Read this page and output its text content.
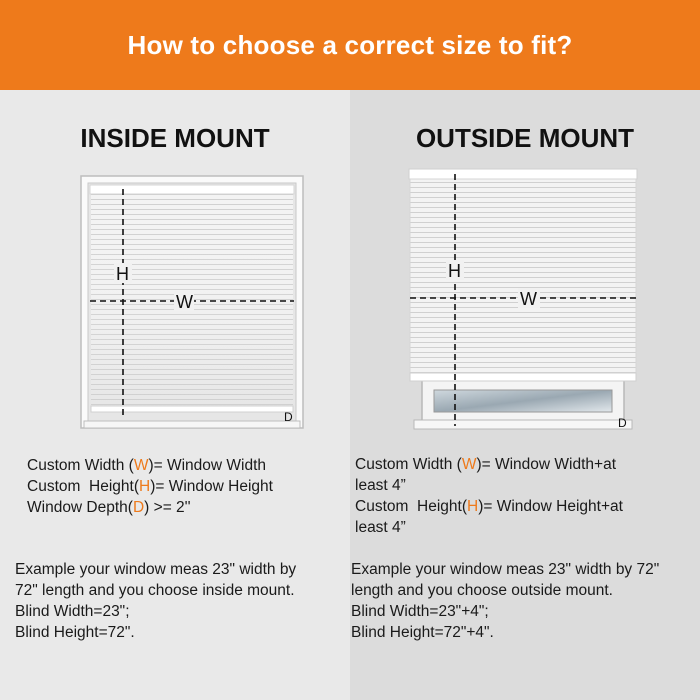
How to choose a correct size to fit?
INSIDE MOUNT
H
W
D
Custom Width (W)= Window Width
Custom  Height(H)= Window Height
Window Depth(D) >= 2''
Example your window meas 23" width by
72" length and you choose inside mount.
Blind Width=23";
Blind Height=72".
OUTSIDE MOUNT
H
W
D
Custom Width (W)= Window Width+at
least 4”
Custom  Height(H)= Window Height+at
least 4”
Example your window meas 23" width by 72"
length and you choose outside mount.
Blind Width=23"+4";
Blind Height=72"+4".
